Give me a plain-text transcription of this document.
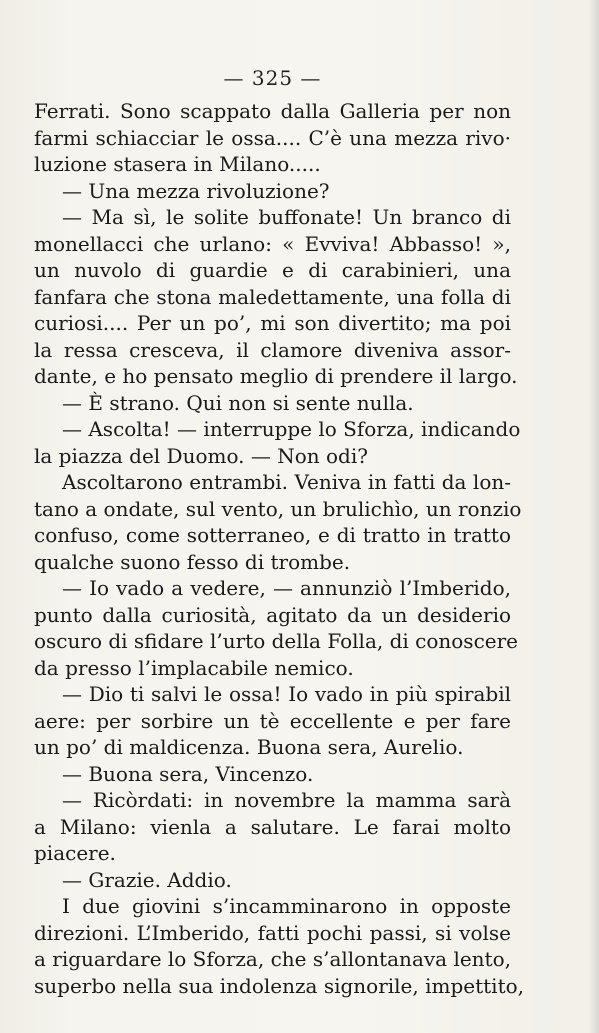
— 325 —
Ferrati. Sono scappato dalla Galleria per non
farmi schiacciar le ossa.... C’è una mezza rivo·
luzione stasera in Milano.....
— Una mezza rivoluzione?
— Ma sì, le solite buffonate! Un branco di
monellacci che urlano: « Evviva! Abbasso! »,
un nuvolo di guardie e di carabinieri, una
fanfara che stona maledettamente, una folla di
curiosi.... Per un po’, mi son divertito; ma poi
la ressa cresceva, il clamore diveniva assor-
dante, e ho pensato meglio di prendere il largo.
— È strano. Qui non si sente nulla.
— Ascolta! — interruppe lo Sforza, indicando
la piazza del Duomo. — Non odi?
Ascoltarono entrambi. Veniva in fatti da lon-
tano a ondate, sul vento, un brulichìo, un ronzio
confuso, come sotterraneo, e di tratto in tratto
qualche suono fesso di trombe.
— Io vado a vedere, — annunziò l’Imberido,
punto dalla curiosità, agitato da un desiderio
oscuro di sfidare l’urto della Folla, di conoscere
da presso l’implacabile nemico.
— Dio ti salvi le ossa! Io vado in più spirabil
aere: per sorbire un tè eccellente e per fare
un po’ di maldicenza. Buona sera, Aurelio.
— Buona sera, Vincenzo.
— Ricòrdati: in novembre la mamma sarà
a Milano: vienla a salutare. Le farai molto
piacere.
— Grazie. Addio.
I due giovini s’incamminarono in opposte
direzioni. L’Imberido, fatti pochi passi, si volse
a riguardare lo Sforza, che s’allontanava lento,
superbo nella sua indolenza signorile, impettito,
